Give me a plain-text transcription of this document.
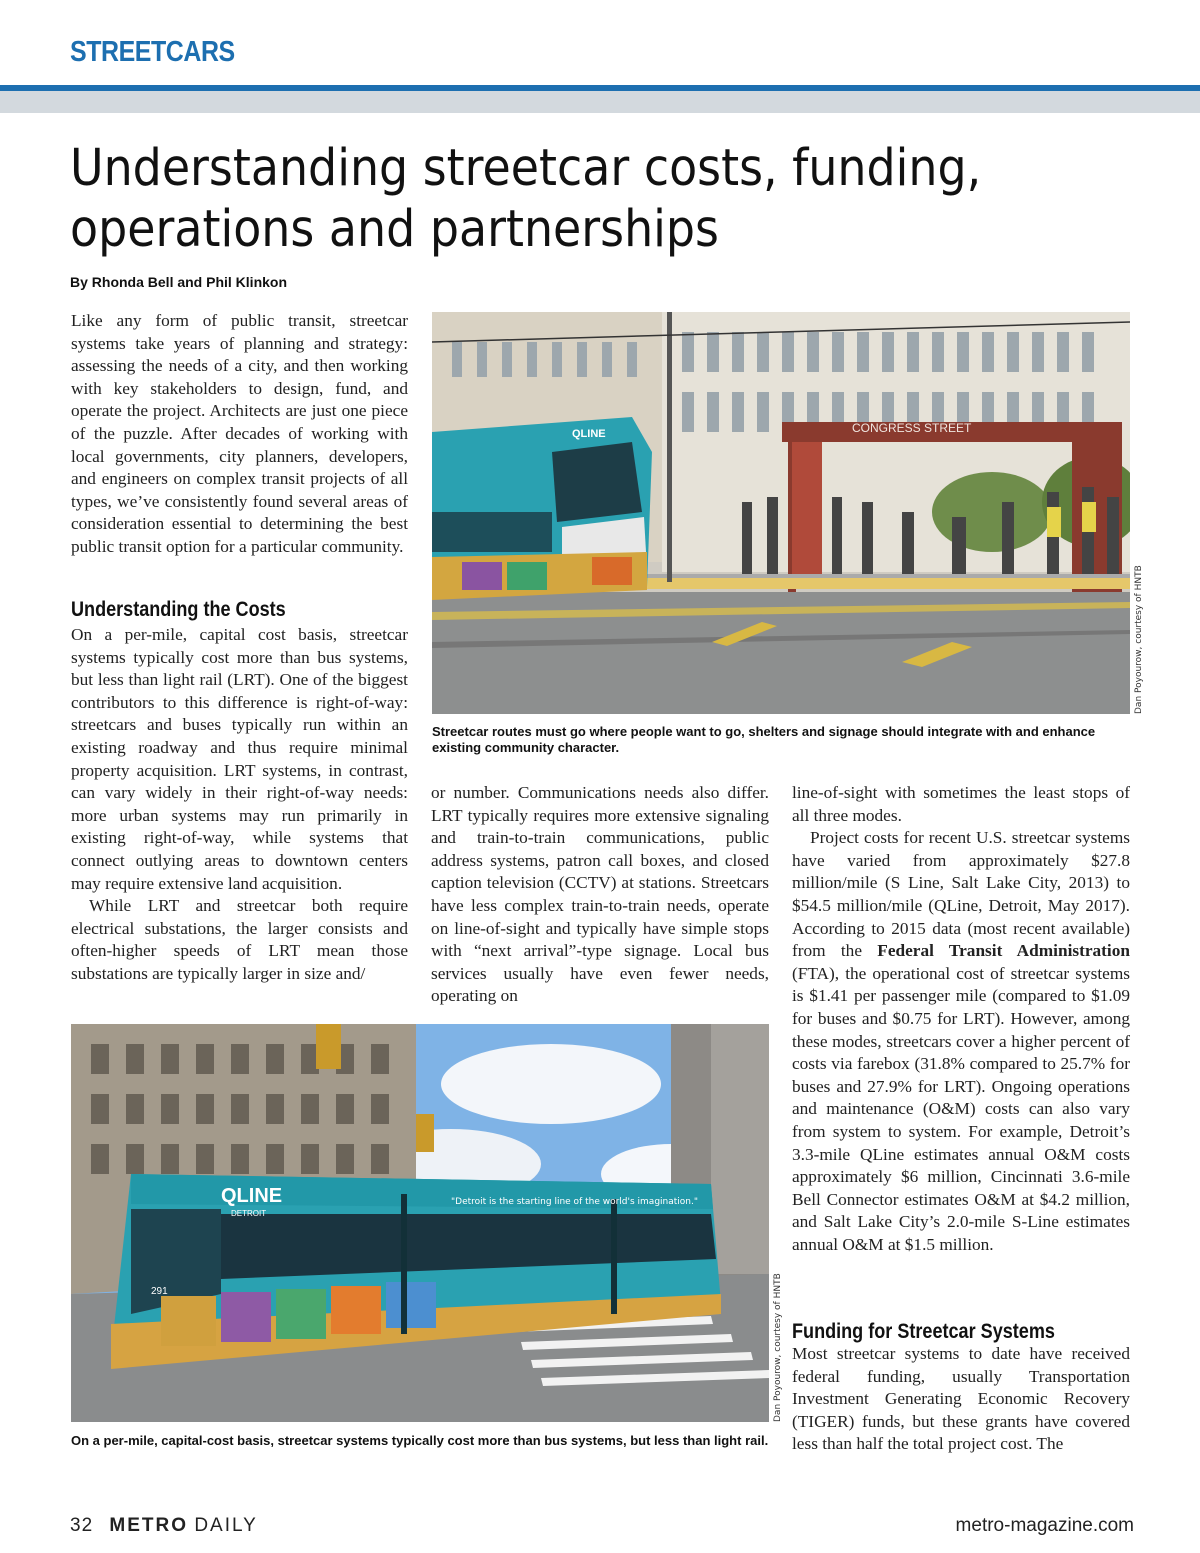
STREETCARS
Understanding streetcar costs, funding,
operations and partnerships
By Rhonda Bell and Phil Klinkon

Like any form of public transit, streetcar systems take years of planning and strategy: assessing the needs of a city, and then working with key stakeholders to design, fund, and operate the project. Architects are just one piece of the puzzle. After decades of working with local governments, city planners, developers, and engineers on complex transit projects of all types, we’ve consistently found several areas of consideration essential to determining the best public transit option for a particular community.

Understanding the Costs

On a per-mile, capital cost basis, streetcar systems typically cost more than bus systems, but less than light rail (LRT). One of the biggest contributors to this difference is right-of-way: streetcars and buses typically run within an existing roadway and thus require minimal property acquisition. LRT systems, in contrast, can vary widely in their right-of-way needs: more urban systems may run primarily in existing right-of-way, while systems that connect outlying areas to downtown centers may require extensive land acquisition.

While LRT and streetcar both require electrical substations, the larger consists and often-higher speeds of LRT mean those substations are typically larger in size and/

CONGRESS STREET
QLINE
Dan Poyourow, courtesy of HNTB

Streetcar routes must go where people want to go, shelters and signage should integrate with and enhance existing community character.

or number. Communications needs also differ. LRT typically requires more extensive signaling and train-to-train communications, public address systems, patron call boxes, and closed caption television (CCTV) at stations. Streetcars have less complex train-to-train needs, operate on line-of-sight and typically have simple stops with “next arrival”-type signage. Local bus services usually have even fewer needs, operating on

line-of-sight with sometimes the least stops of all three modes.

Project costs for recent U.S. streetcar systems have varied from approximately $27.8 million/mile (S Line, Salt Lake City, 2013) to $54.5 million/mile (QLine, Detroit, May 2017). According to 2015 data (most recent available) from the Federal Transit Administration (FTA), the operational cost of streetcar systems is $1.41 per passenger mile (compared to $1.09 for buses and $0.75 for LRT). However, among these modes, streetcars cover a higher percent of costs via farebox (31.8% compared to 25.7% for buses and 27.9% for LRT). Ongoing operations and maintenance (O&M) costs can also vary from system to system. For example, Detroit’s 3.3-mile QLine estimates annual O&M costs approximately $6 million, Cincinnati 3.6-mile Bell Connector estimates O&M at $4.2 million, and Salt Lake City’s 2.0-mile S-Line estimates annual O&M at $1.5 million.

Funding for Streetcar Systems

Most streetcar systems to date have received federal funding, usually Transportation Investment Generating Economic Recovery (TIGER) funds, but these grants have covered less than half the total project cost. The

QLINE
DETROIT
"Detroit is the starting line of the world's imagination."
291	Dan Poyourow, courtesy of HNTB

On a per-mile, capital-cost basis, streetcar systems typically cost more than bus systems, but less than light rail.

32 METRO DAILY	metro-magazine.com
